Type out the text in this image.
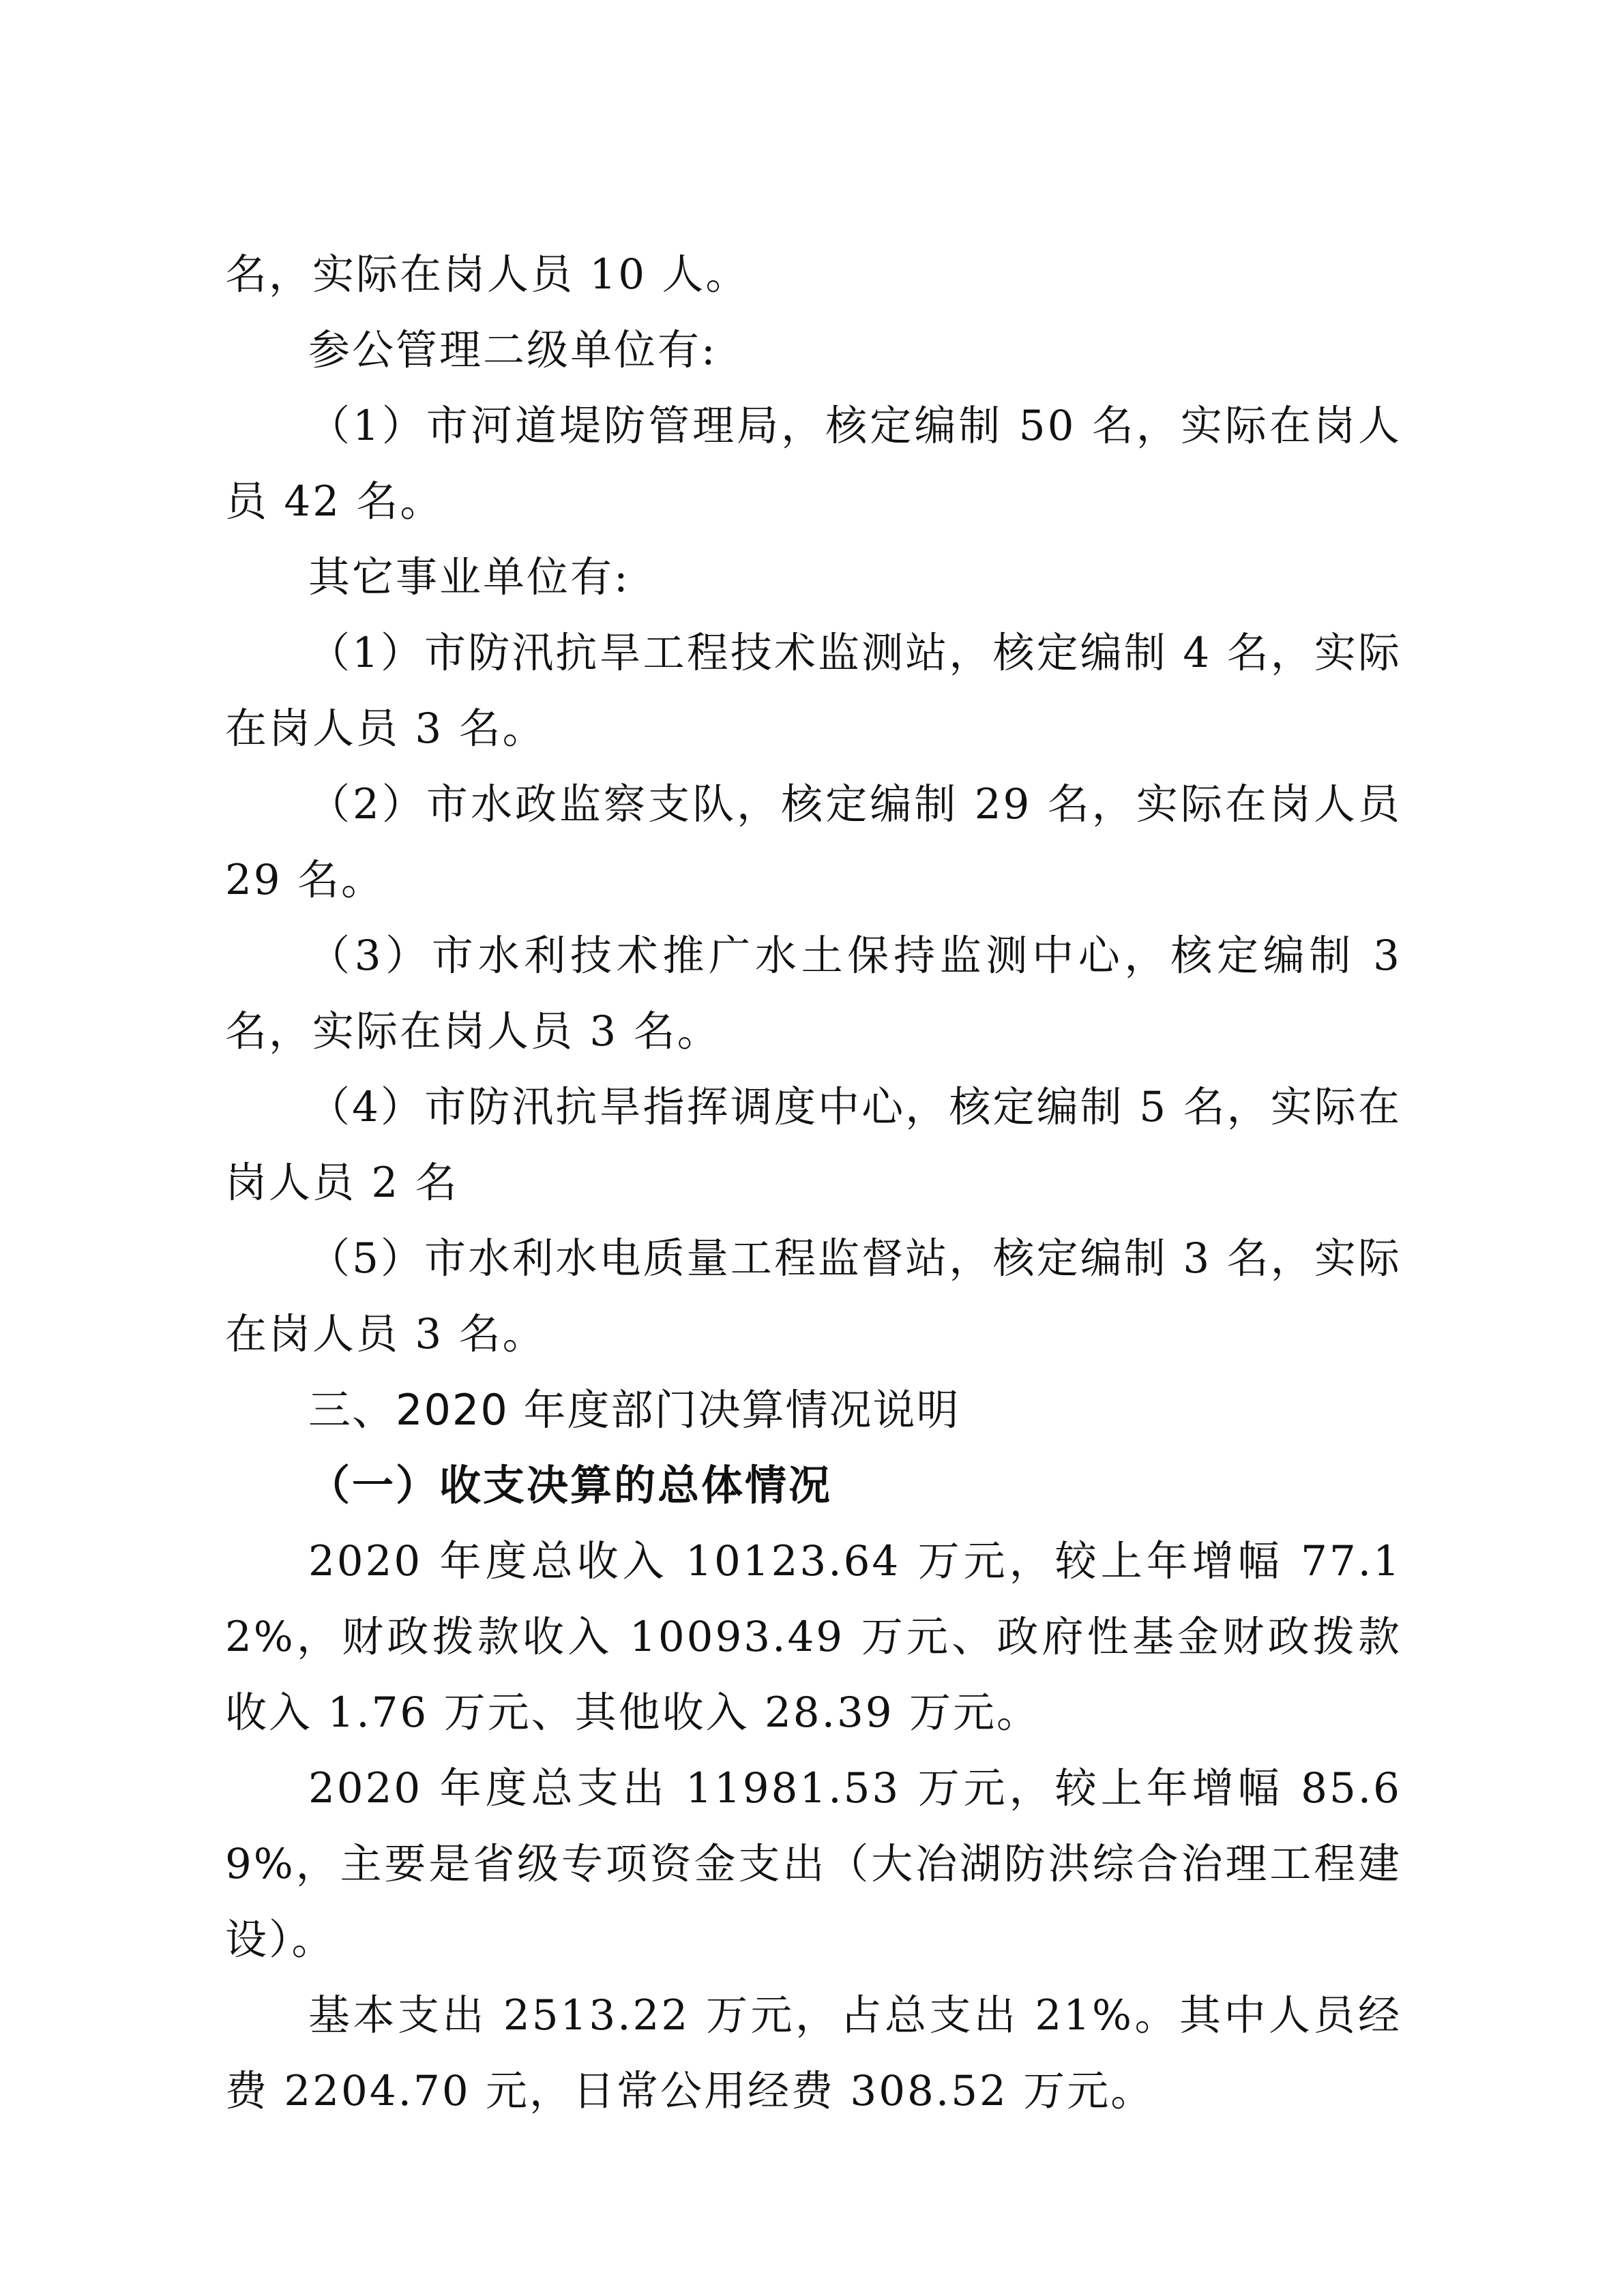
名，实际在岗人员 10 人。

参公管理二级单位有:

（1）市河道堤防管理局，核定编制 50 名，实际在岗人员 42 名。

其它事业单位有:

（1）市防汛抗旱工程技术监测站，核定编制 4 名，实际在岗人员 3 名。

（2）市水政监察支队，核定编制 29 名，实际在岗人员 29 名。

（3）市水利技术推广水土保持监测中心，核定编制 3 名，实际在岗人员 3 名。

（4）市防汛抗旱指挥调度中心，核定编制 5 名，实际在岗人员 2 名

（5）市水利水电质量工程监督站，核定编制 3 名，实际在岗人员 3 名。

三、2020 年度部门决算情况说明

（一）收支决算的总体情况

2020 年度总收入 10123.64 万元，较上年增幅 77.12%，财政拨款收入 10093.49 万元、政府性基金财政拨款收入 1.76 万元、其他收入 28.39 万元。

2020 年度总支出 11981.53 万元，较上年增幅 85.69%，主要是省级专项资金支出（大冶湖防洪综合治理工程建设）。

基本支出 2513.22 万元，占总支出 21%。其中人员经费 2204.70 元，日常公用经费 308.52 万元。
